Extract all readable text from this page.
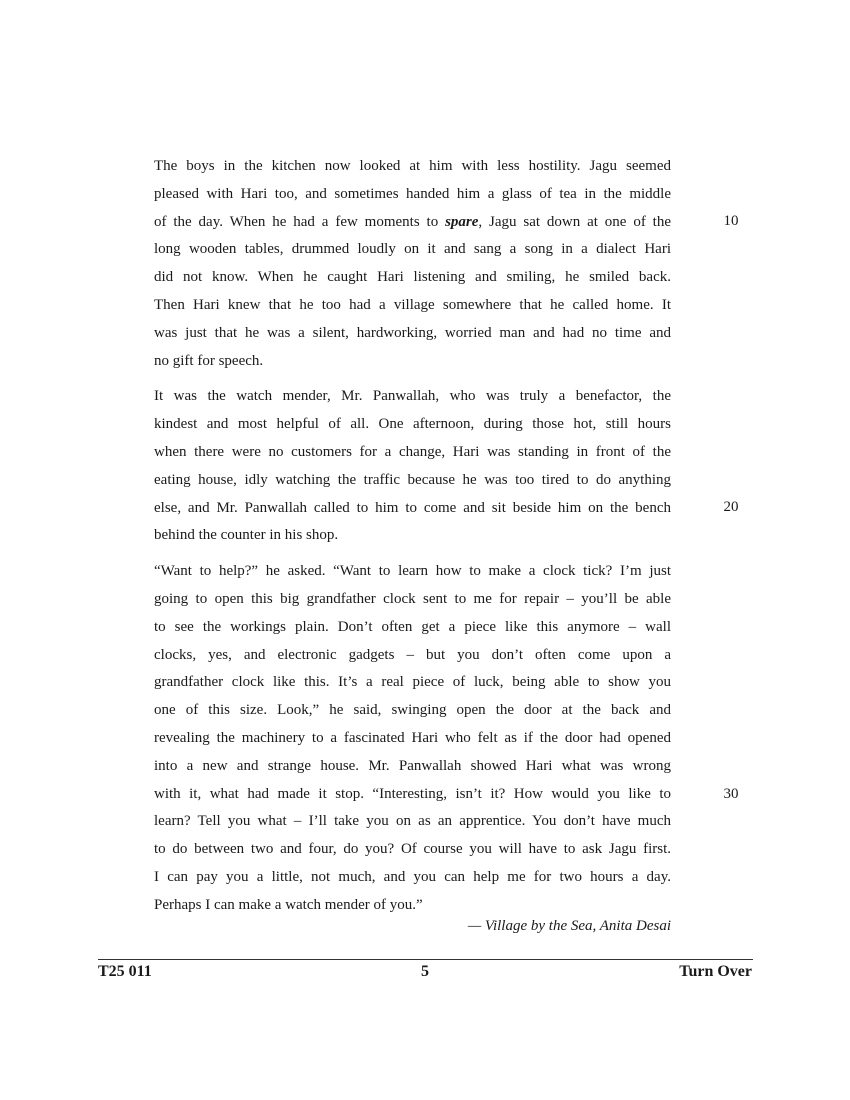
The boys in the kitchen now looked at him with less hostility. Jagu seemed
pleased with Hari too, and sometimes handed him a glass of tea in the middle
of the day. When he had a few moments to spare, Jagu sat down at one of the
long wooden tables, drummed loudly on it and sang a song in a dialect Hari
did not know. When he caught Hari listening and smiling, he smiled back.
Then Hari knew that he too had a village somewhere that he called home. It
was just that he was a silent, hardworking, worried man and had no time and
no gift for speech.
It was the watch mender, Mr. Panwallah, who was truly a benefactor, the
kindest and most helpful of all. One afternoon, during those hot, still hours
when there were no customers for a change, Hari was standing in front of the
eating house, idly watching the traffic because he was too tired to do anything
else, and Mr. Panwallah called to him to come and sit beside him on the bench
behind the counter in his shop.
“Want to help?” he asked. “Want to learn how to make a clock tick? I’m just
going to open this big grandfather clock sent to me for repair – you’ll be able
to see the workings plain. Don’t often get a piece like this anymore – wall
clocks, yes, and electronic gadgets – but you don’t often come upon a
grandfather clock like this. It’s a real piece of luck, being able to show you
one of this size. Look,” he said, swinging open the door at the back and
revealing the machinery to a fascinated Hari who felt as if the door had opened
into a new and strange house. Mr. Panwallah showed Hari what was wrong
with it, what had made it stop. “Interesting, isn’t it? How would you like to
learn? Tell you what – I’ll take you on as an apprentice. You don’t have much
to do between two and four, do you? Of course you will have to ask Jagu first.
I can pay you a little, not much, and you can help me for two hours a day.
Perhaps I can make a watch mender of you.”
— Village by the Sea, Anita Desai
10
20
30
T25 011	5	Turn Over
